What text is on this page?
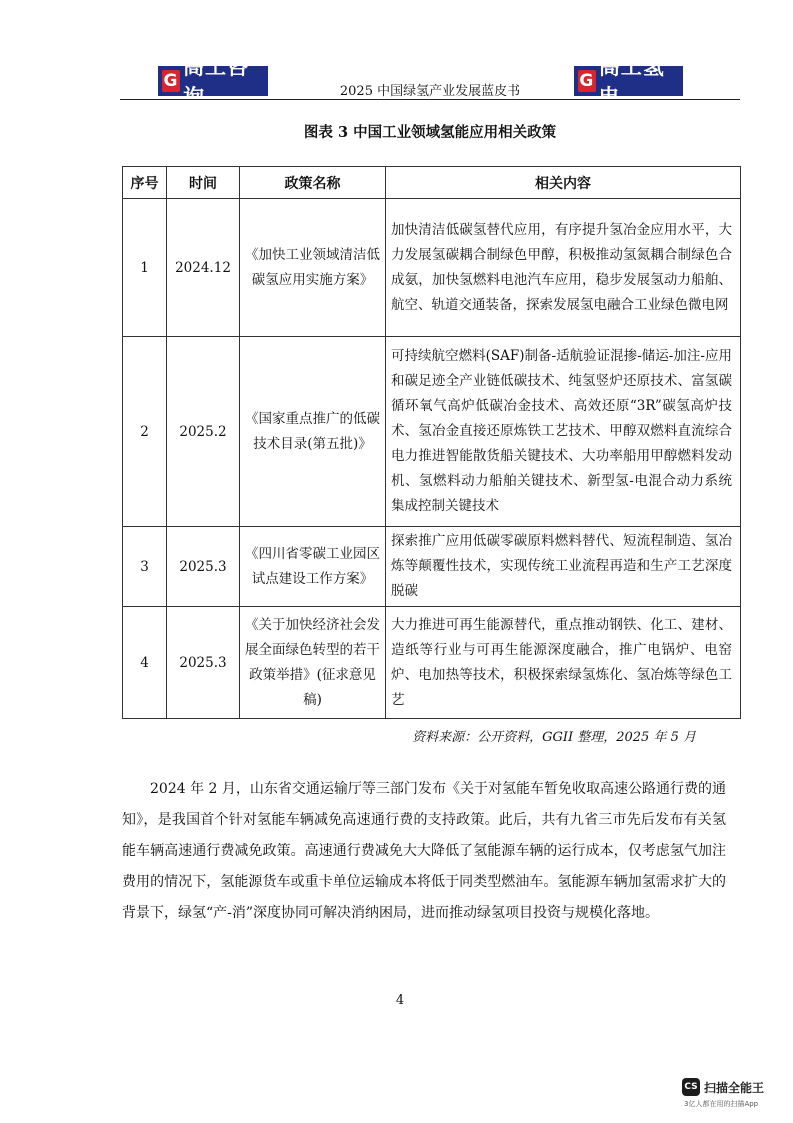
G
高工咨询	2025 中国绿氢产业发展蓝皮书
G
高工氢电
图表 3 中国工业领域氢能应用相关政策
序号	时间	政策名称	相关内容
1	2024.12	《加快工业领域清洁低碳氢应用实施方案》	加快清洁低碳氢替代应用，有序提升氢冶金应用水平，大力发展氢碳耦合制绿色甲醇，积极推动氢氮耦合制绿色合成氨，加快氢燃料电池汽车应用，稳步发展氢动力船舶、航空、轨道交通装备，探索发展氢电融合工业绿色微电网
2	2025.2	《国家重点推广的低碳技术目录(第五批)》	可持续航空燃料(SAF)制备-适航验证混掺-储运-加注-应用和碳足迹全产业链低碳技术、纯氢竖炉还原技术、富氢碳循环氧气高炉低碳冶金技术、高效还原“3R”碳氢高炉技术、氢冶金直接还原炼铁工艺技术、甲醇双燃料直流综合电力推进智能散货船关键技术、大功率船用甲醇燃料发动机、氢燃料动力船舶关键技术、新型氢-电混合动力系统集成控制关键技术
3	2025.3	《四川省零碳工业园区试点建设工作方案》	探索推广应用低碳零碳原料燃料替代、短流程制造、氢冶炼等颠覆性技术，实现传统工业流程再造和生产工艺深度脱碳
4	2025.3	《关于加快经济社会发展全面绿色转型的若干政策举措》(征求意见稿)	大力推进可再生能源替代，重点推动钢铁、化工、建材、造纸等行业与可再生能源深度融合，推广电锅炉、电窑炉、电加热等技术，积极探索绿氢炼化、氢冶炼等绿色工艺
资料来源：公开资料，GGII 整理，2025 年 5 月

2024 年 2 月，山东省交通运输厅等三部门发布《关于对氢能车暂免收取高速公路通行费的通知》，是我国首个针对氢能车辆减免高速通行费的支持政策。此后，共有九省三市先后发布有关氢能车辆高速通行费减免政策。高速通行费减免大大降低了氢能源车辆的运行成本，仅考虑氢气加注费用的情况下，氢能源货车或重卡单位运输成本将低于同类型燃油车。氢能源车辆加氢需求扩大的背景下，绿氢“产-消”深度协同可解决消纳困局，进而推动绿氢项目投资与规模化落地。

4
CS 扫描全能王
3亿人都在用的扫描App
